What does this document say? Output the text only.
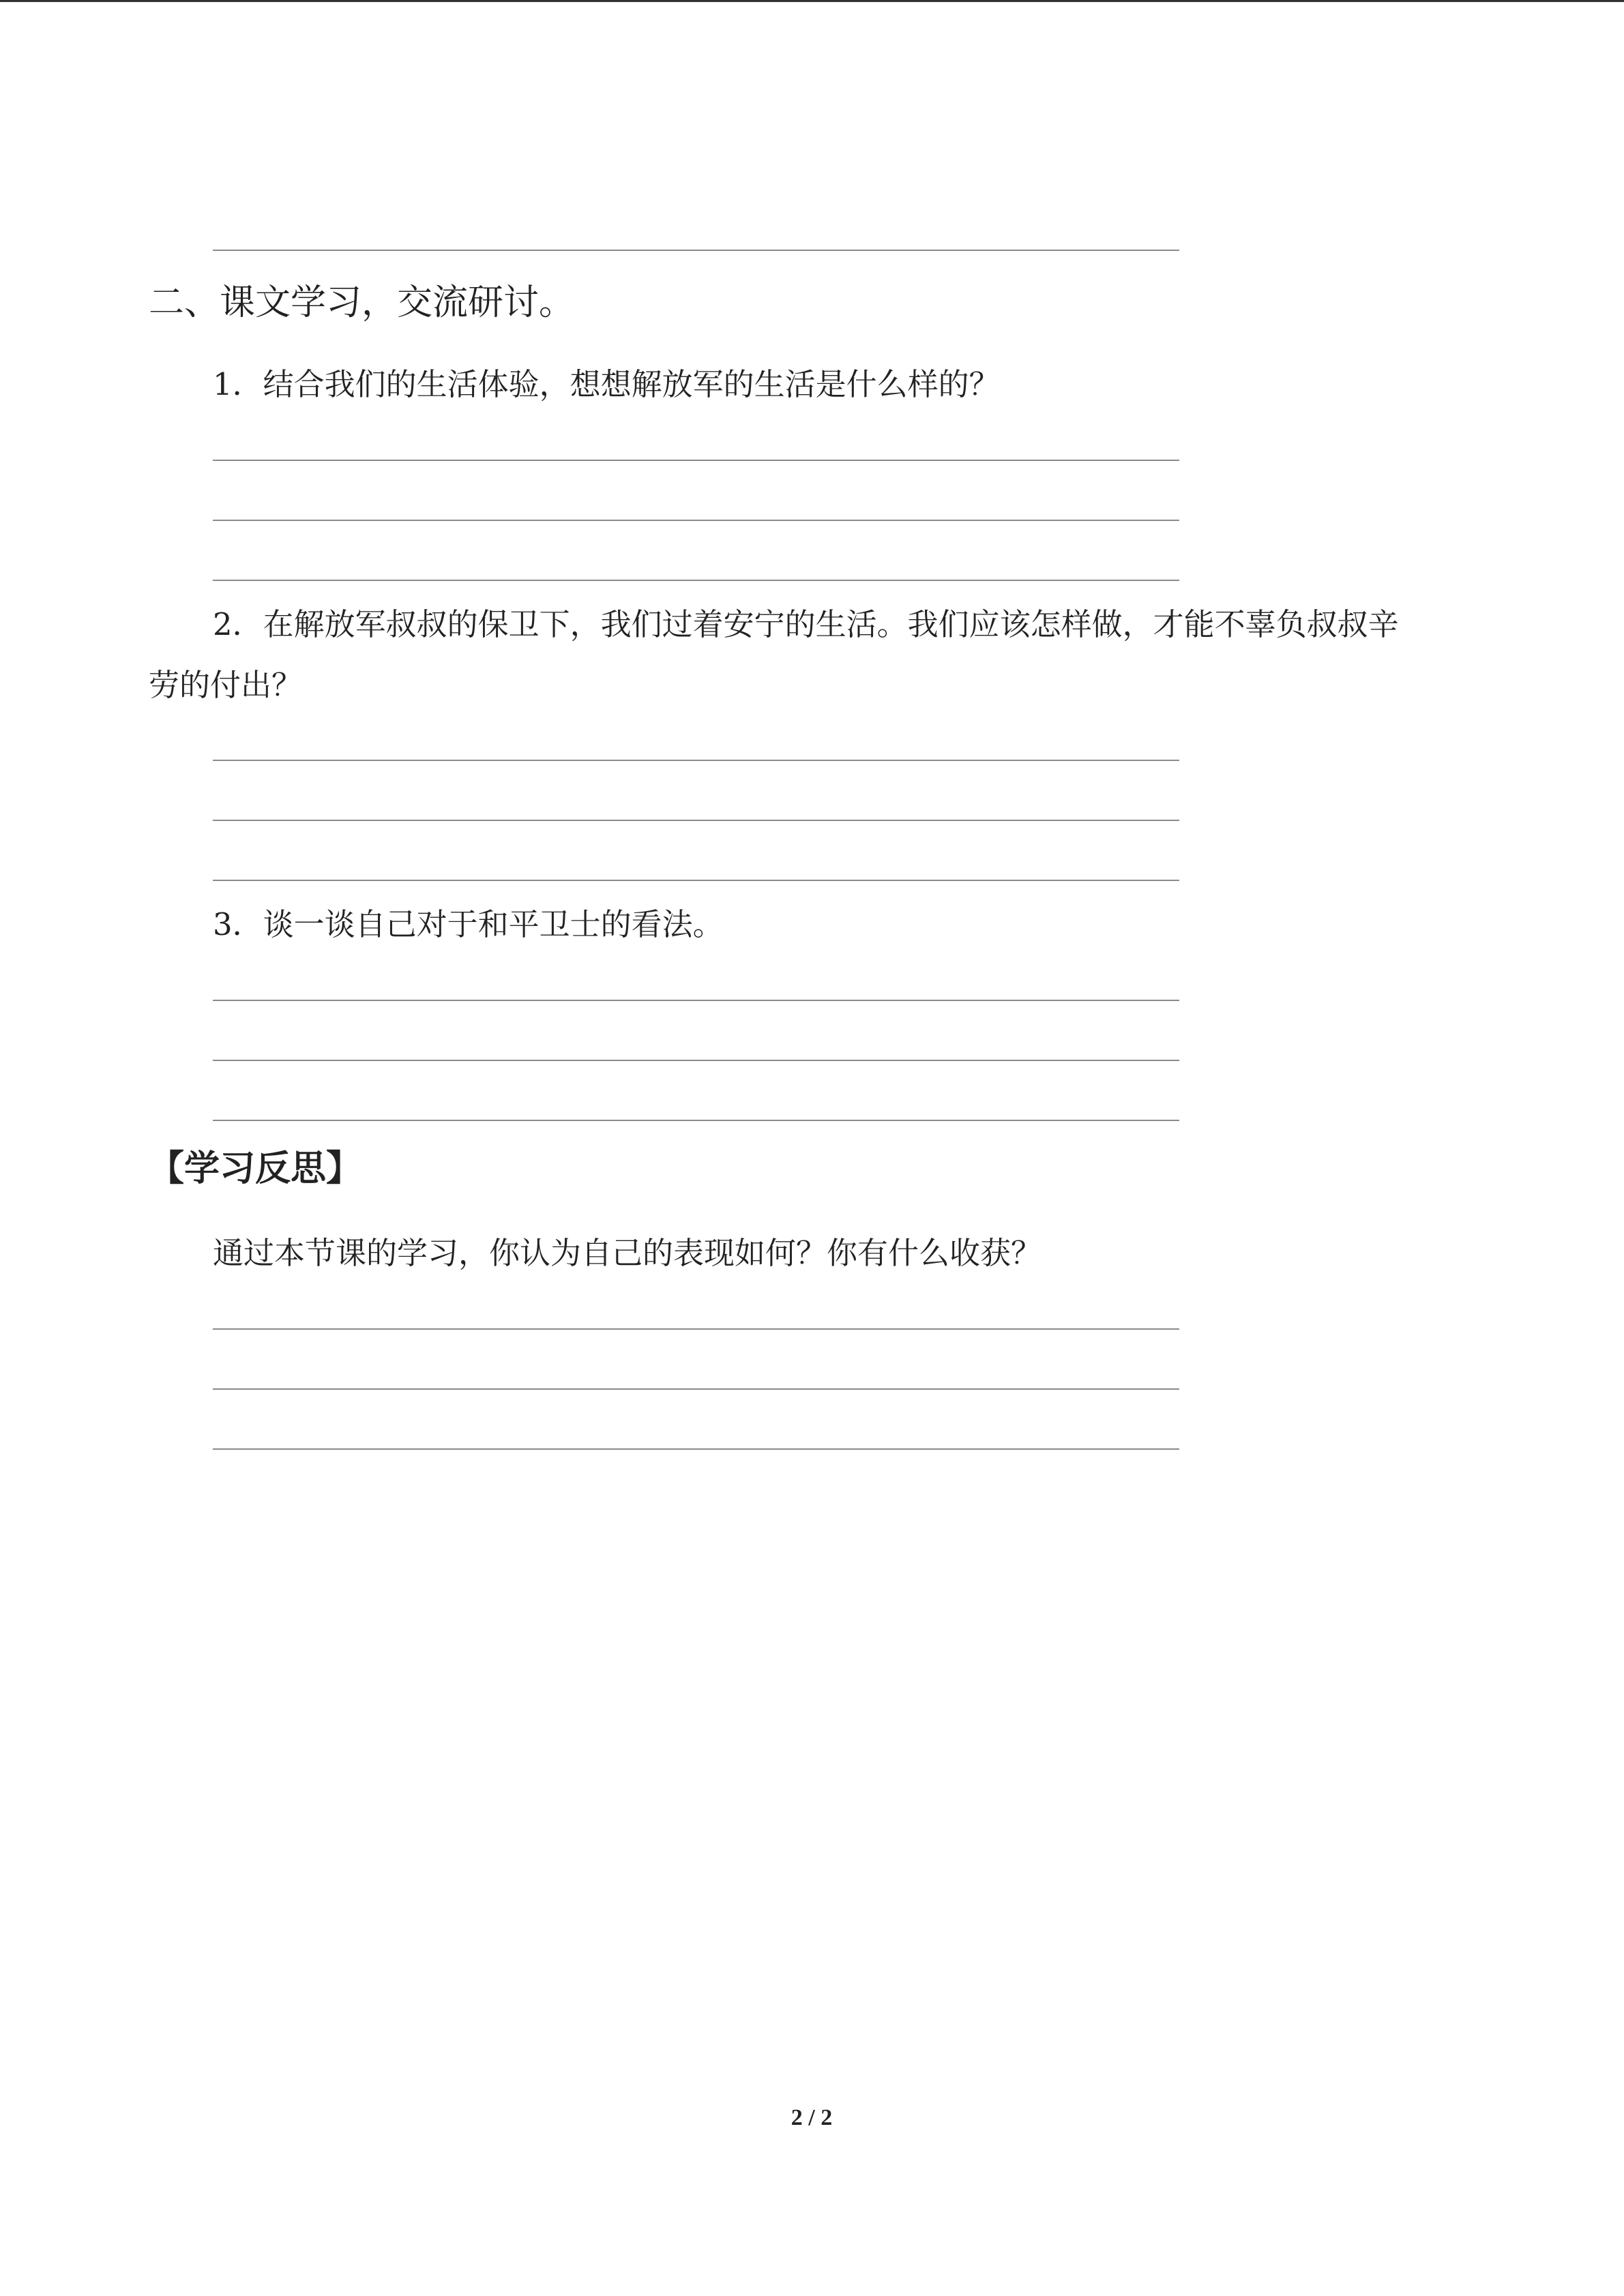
二、课文学习，交流研讨。
1．结合我们的生活体验，想想解放军的生活是什么样的？
2．在解放军叔叔的保卫下，我们过着安宁的生活。我们应该怎样做，才能不辜负叔叔辛
劳的付出？
3．谈一谈自己对于和平卫士的看法。
【学习反思】
通过本节课的学习，你认为自己的表现如何？你有什么收获？
2 / 2
